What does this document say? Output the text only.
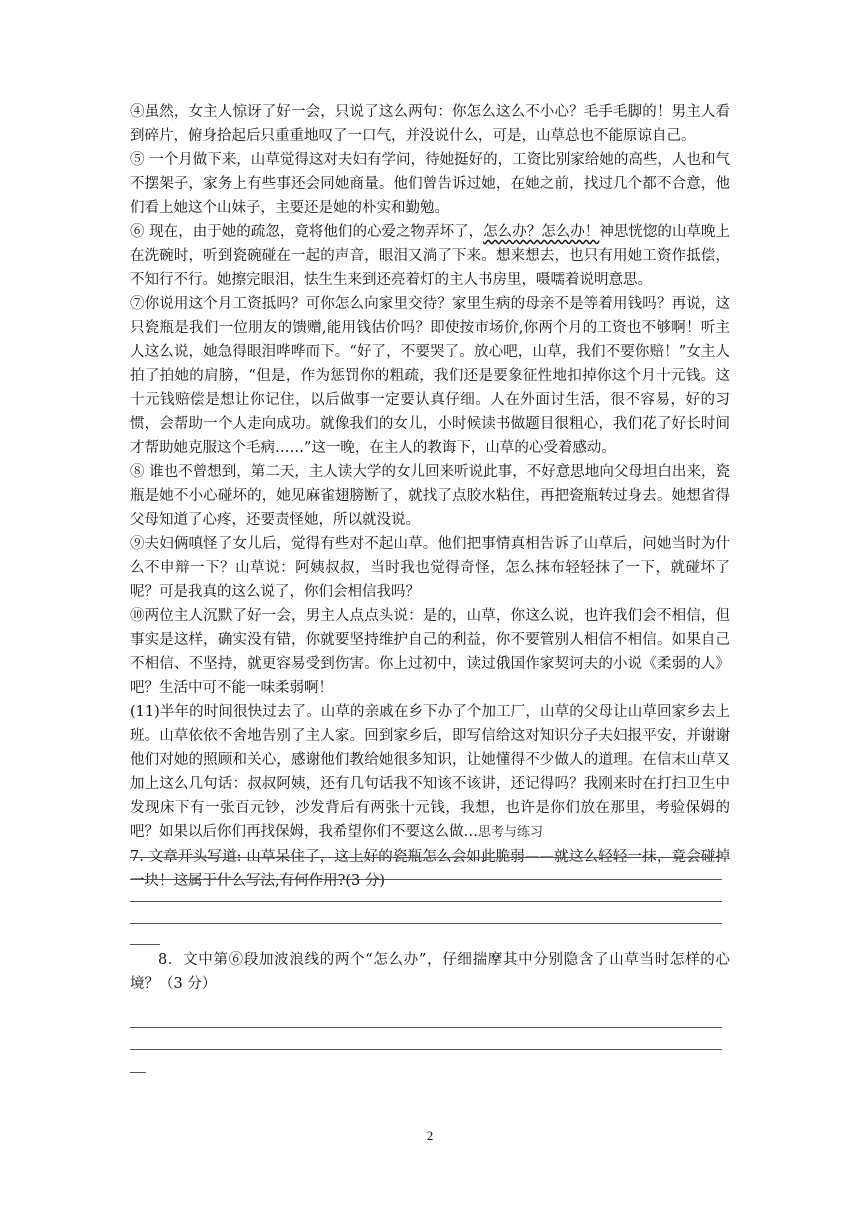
④虽然，女主人惊讶了好一会，只说了这么两句：你怎么这么不小心？毛手毛脚的！男主人看到碎片，俯身拾起后只重重地叹了一口气，并没说什么，可是，山草总也不能原谅自己。

⑤ 一个月做下来，山草觉得这对夫妇有学问，待她挺好的，工资比别家给她的高些，人也和气不摆架子，家务上有些事还会同她商量。他们曾告诉过她，在她之前，找过几个都不合意，他们看上她这个山妹子，主要还是她的朴实和勤勉。

⑥ 现在，由于她的疏忽，竟将他们的心爱之物弄坏了，怎么办？怎么办！神思恍惚的山草晚上在洗碗时，听到瓷碗碰在一起的声音，眼泪又淌了下来。想来想去，也只有用她工资作抵偿，不知行不行。她擦完眼泪，怯生生来到还亮着灯的主人书房里，嗫嚅着说明意思。

⑦你说用这个月工资抵吗？可你怎么向家里交待？家里生病的母亲不是等着用钱吗？再说，这只瓷瓶是我们一位朋友的馈赠,能用钱估价吗？即使按市场价,你两个月的工资也不够啊！听主人这么说，她急得眼泪哗哗而下。“好了，不要哭了。放心吧，山草，我们不要你赔！”女主人拍了拍她的肩膀，“但是，作为惩罚你的粗疏，我们还是要象征性地扣掉你这个月十元钱。这十元钱赔偿是想让你记住，以后做事一定要认真仔细。人在外面讨生活，很不容易，好的习惯，会帮助一个人走向成功。就像我们的女儿，小时候读书做题目很粗心，我们花了好长时间才帮助她克服这个毛病……”这一晚，在主人的教诲下，山草的心受着感动。

⑧ 谁也不曾想到，第二天，主人读大学的女儿回来听说此事，不好意思地向父母坦白出来，瓷瓶是她不小心碰坏的，她见麻雀翅膀断了，就找了点胶水粘住，再把瓷瓶转过身去。她想省得父母知道了心疼，还要责怪她，所以就没说。

⑨夫妇俩嗔怪了女儿后，觉得有些对不起山草。他们把事情真相告诉了山草后，问她当时为什么不申辩一下？山草说：阿姨叔叔，当时我也觉得奇怪，怎么抹布轻轻抹了一下，就碰坏了呢？可是我真的这么说了，你们会相信我吗？

⑩两位主人沉默了好一会，男主人点点头说：是的，山草，你这么说，也许我们会不相信，但事实是这样，确实没有错，你就要坚持维护自己的利益，你不要管别人相信不相信。如果自己不相信、不坚持，就更容易受到伤害。你上过初中，读过俄国作家契诃夫的小说《柔弱的人》吧？生活中可不能一味柔弱啊！

(11)半年的时间很快过去了。山草的亲戚在乡下办了个加工厂，山草的父母让山草回家乡去上班。山草依依不舍地告别了主人家。回到家乡后，即写信给这对知识分子夫妇报平安，并谢谢他们对她的照顾和关心，感谢他们教给她很多知识，让她懂得不少做人的道理。在信末山草又加上这么几句话：叔叔阿姨，还有几句话我不知该不该讲，还记得吗？我刚来时在打扫卫生中发现床下有一张百元钞，沙发背后有两张十元钱，我想，也许是你们放在那里，考验保姆的吧？如果以后你们再找保姆，我希望你们不要这么做…思考与练习

7. 文章开头写道: 山草呆住了，这上好的瓷瓶怎么会如此脆弱——就这么轻轻一抹，竟会碰掉一块！这属于什么写法,有何作用?(3 分)

8．文中第⑥段加波浪线的两个“怎么办”，仔细揣摩其中分别隐含了山草当时怎样的心境？（3 分）

2
